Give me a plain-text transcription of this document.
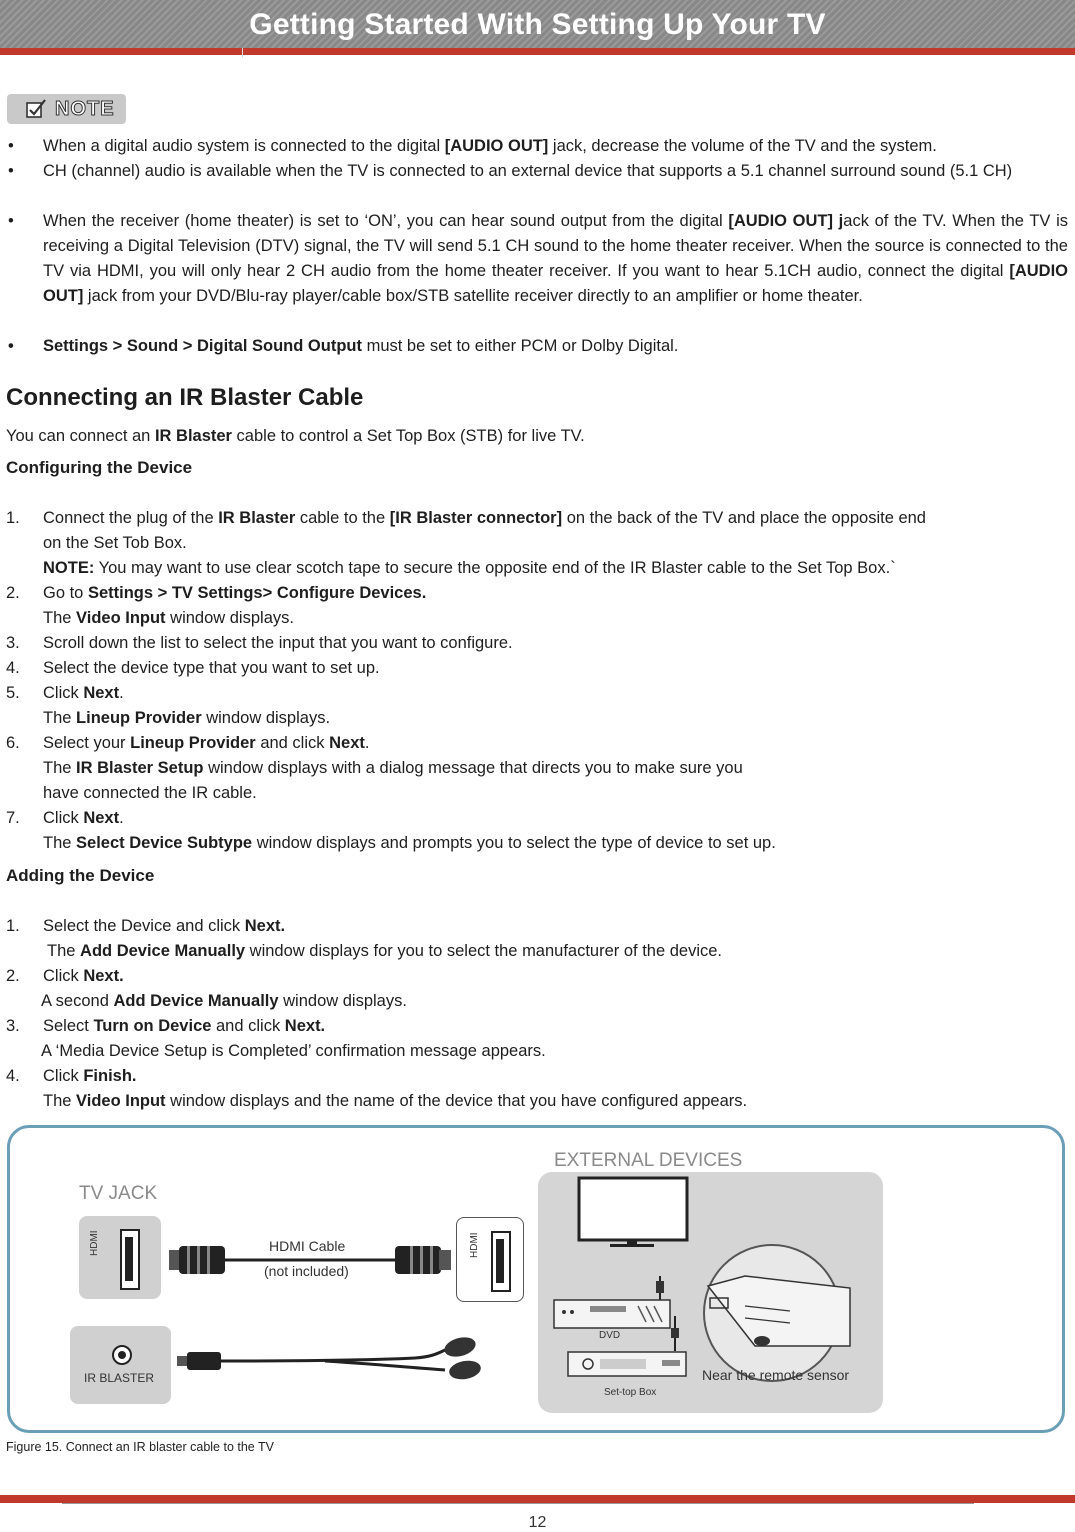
Getting Started With Setting Up Your TV
NOTE
• When a digital audio system is connected to the digital [AUDIO OUT] jack, decrease the volume of the TV and the system.
• CH (channel) audio is available when the TV is connected to an external device that supports a 5.1 channel surround sound (5.1 CH)
• When the receiver (home theater) is set to ‘ON’, you can hear sound output from the digital [AUDIO OUT] jack of the TV. When the TV is receiving a Digital Television (DTV) signal, the TV will send 5.1 CH sound to the home theater receiver. When the source is connected to the TV via HDMI, you will only hear 2 CH audio from the home theater receiver. If you want to hear 5.1CH audio, connect the digital [AUDIO OUT] jack from your DVD/Blu-ray player/cable box/STB satellite receiver directly to an amplifier or home theater.
• Settings > Sound > Digital Sound Output must be set to either PCM or Dolby Digital.
Connecting an IR Blaster Cable
You can connect an IR Blaster cable to control a Set Top Box (STB) for live TV.
Configuring the Device
1. Connect the plug of the IR Blaster cable to the [IR Blaster connector] on the back of the TV and place the opposite end
on the Set Tob Box.
NOTE: You may want to use clear scotch tape to secure the opposite end of the IR Blaster cable to the Set Top Box.`
2. Go to Settings > TV Settings> Configure Devices.
The Video Input window displays.
3. Scroll down the list to select the input that you want to configure.
4. Select the device type that you want to set up.
5. Click Next.
The Lineup Provider window displays.
6. Select your Lineup Provider and click Next.
The IR Blaster Setup window displays with a dialog message that directs you to make sure you
have connected the IR cable.
7. Click Next.
The Select Device Subtype window displays and prompts you to select the type of device to set up.
Adding the Device
1. Select the Device and click Next.
The Add Device Manually window displays for you to select the manufacturer of the device.
2. Click Next.
A second Add Device Manually window displays.
3. Select Turn on Device and click Next.
A ‘Media Device Setup is Completed’ confirmation message appears.
4. Click Finish.
The Video Input window displays and the name of the device that you have configured appears.
TV JACK
EXTERNAL DEVICES
HDMI	HDMI
HDMI Cable
(not included)
IR BLASTER
DVD
Set-top Box
Near the remote sensor
Figure 15. Connect an IR blaster cable to the TV
12
